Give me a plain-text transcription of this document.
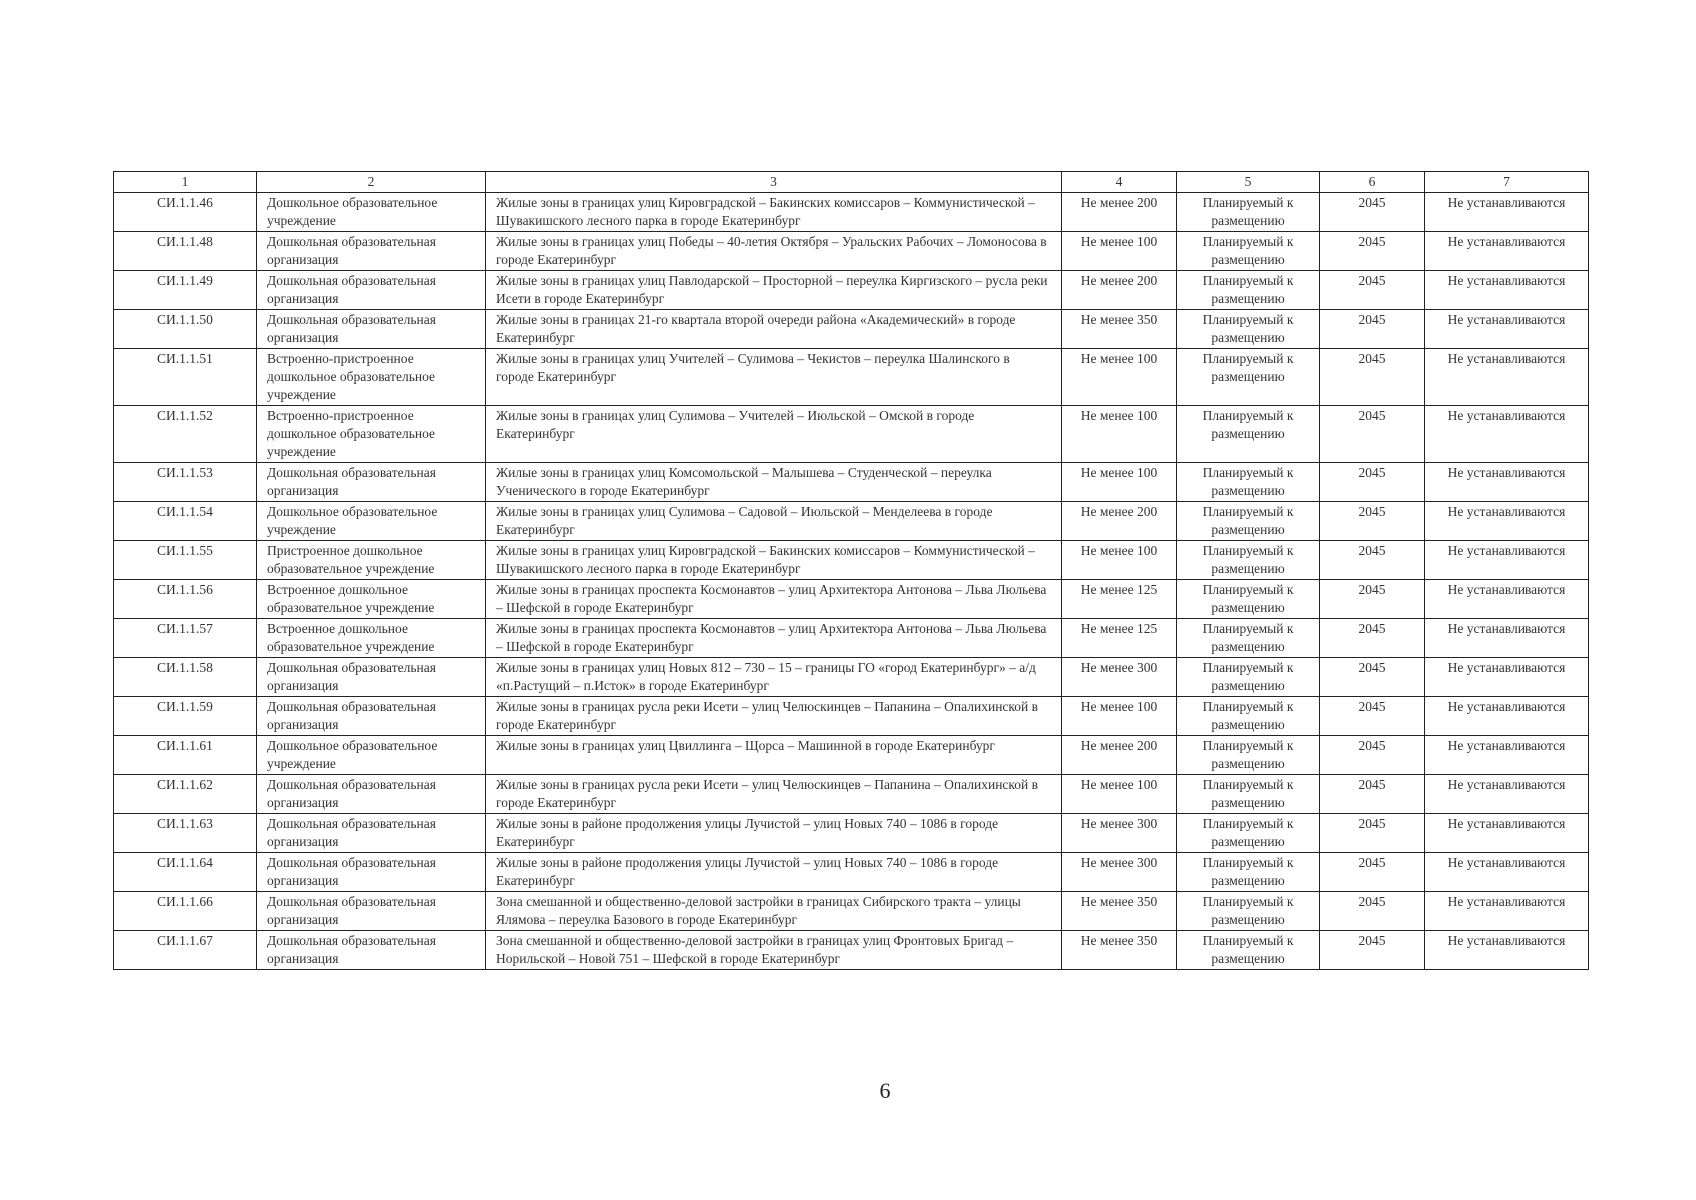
1	2	3	4	5	6	7
СИ.1.1.46	Дошкольное образовательное учреждение	Жилые зоны в границах улиц Кировградской – Бакинских комиссаров – Коммунистической – Шувакишского лесного парка в городе Екатеринбург	Не менее 200	Планируемый к размещению	2045	Не устанавливаются
СИ.1.1.48	Дошкольная образовательная организация	Жилые зоны в границах улиц Победы – 40-летия Октября – Уральских Рабочих – Ломоносова в городе Екатеринбург	Не менее 100	Планируемый к размещению	2045	Не устанавливаются
СИ.1.1.49	Дошкольная образовательная организация	Жилые зоны в границах улиц Павлодарской – Просторной – переулка Киргизского – русла реки Исети в городе Екатеринбург	Не менее 200	Планируемый к размещению	2045	Не устанавливаются
СИ.1.1.50	Дошкольная образовательная организация	Жилые зоны в границах 21-го квартала второй очереди района «Академический» в городе Екатеринбург	Не менее 350	Планируемый к размещению	2045	Не устанавливаются
СИ.1.1.51	Встроенно-пристроенное дошкольное образовательное учреждение	Жилые зоны в границах улиц Учителей – Сулимова – Чекистов – переулка Шалинского в городе Екатеринбург	Не менее 100	Планируемый к размещению	2045	Не устанавливаются
СИ.1.1.52	Встроенно-пристроенное дошкольное образовательное учреждение	Жилые зоны в границах улиц Сулимова – Учителей – Июльской – Омской в городе Екатеринбург	Не менее 100	Планируемый к размещению	2045	Не устанавливаются
СИ.1.1.53	Дошкольная образовательная организация	Жилые зоны в границах улиц Комсомольской – Малышева – Студенческой – переулка Ученического в городе Екатеринбург	Не менее 100	Планируемый к размещению	2045	Не устанавливаются
СИ.1.1.54	Дошкольное образовательное учреждение	Жилые зоны в границах улиц Сулимова – Садовой – Июльской – Менделеева в городе Екатеринбург	Не менее 200	Планируемый к размещению	2045	Не устанавливаются
СИ.1.1.55	Пристроенное дошкольное образовательное учреждение	Жилые зоны в границах улиц Кировградской – Бакинских комиссаров – Коммунистической – Шувакишского лесного парка в городе Екатеринбург	Не менее 100	Планируемый к размещению	2045	Не устанавливаются
СИ.1.1.56	Встроенное дошкольное образовательное учреждение	Жилые зоны в границах проспекта Космонавтов – улиц Архитектора Антонова – Льва Люльева – Шефской в городе Екатеринбург	Не менее 125	Планируемый к размещению	2045	Не устанавливаются
СИ.1.1.57	Встроенное дошкольное образовательное учреждение	Жилые зоны в границах проспекта Космонавтов – улиц Архитектора Антонова – Льва Люльева – Шефской в городе Екатеринбург	Не менее 125	Планируемый к размещению	2045	Не устанавливаются
СИ.1.1.58	Дошкольная образовательная организация	Жилые зоны в границах улиц Новых 812 – 730 – 15 – границы ГО «город Екатеринбург» – а/д «п.Растущий – п.Исток» в городе Екатеринбург	Не менее 300	Планируемый к размещению	2045	Не устанавливаются
СИ.1.1.59	Дошкольная образовательная организация	Жилые зоны в границах русла реки Исети – улиц Челюскинцев – Папанина – Опалихинской в городе Екатеринбург	Не менее 100	Планируемый к размещению	2045	Не устанавливаются
СИ.1.1.61	Дошкольное образовательное учреждение	Жилые зоны в границах улиц Цвиллинга – Щорса – Машинной в городе Екатеринбург	Не менее 200	Планируемый к размещению	2045	Не устанавливаются
СИ.1.1.62	Дошкольная образовательная организация	Жилые зоны в границах русла реки Исети – улиц Челюскинцев – Папанина – Опалихинской в городе Екатеринбург	Не менее 100	Планируемый к размещению	2045	Не устанавливаются
СИ.1.1.63	Дошкольная образовательная организация	Жилые зоны в районе продолжения улицы Лучистой – улиц Новых 740 – 1086 в городе Екатеринбург	Не менее 300	Планируемый к размещению	2045	Не устанавливаются
СИ.1.1.64	Дошкольная образовательная организация	Жилые зоны в районе продолжения улицы Лучистой – улиц Новых 740 – 1086 в городе Екатеринбург	Не менее 300	Планируемый к размещению	2045	Не устанавливаются
СИ.1.1.66	Дошкольная образовательная организация	Зона смешанной и общественно-деловой застройки в границах Сибирского тракта – улицы Ялямова – переулка Базового в городе Екатеринбург	Не менее 350	Планируемый к размещению	2045	Не устанавливаются
СИ.1.1.67	Дошкольная образовательная организация	Зона смешанной и общественно-деловой застройки в границах улиц Фронтовых Бригад – Норильской – Новой 751 – Шефской в городе Екатеринбург	Не менее 350	Планируемый к размещению	2045	Не устанавливаются
6
